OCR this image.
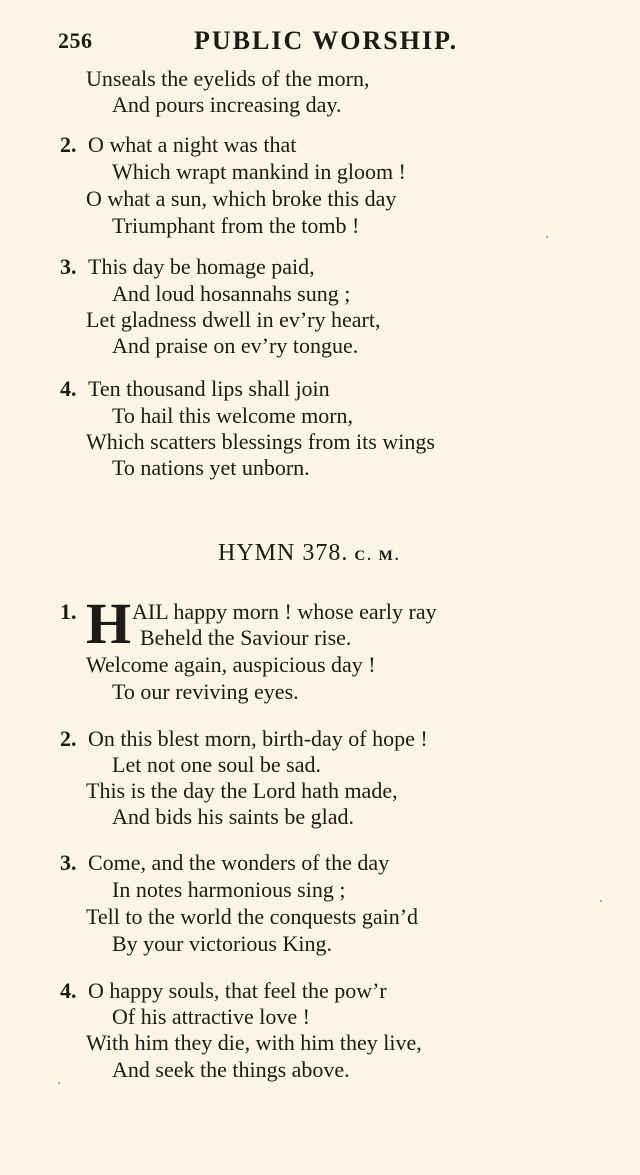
256	PUBLIC WORSHIP.
Unseals the eyelids of the morn,
And pours increasing day.
2. O what a night was that
Which wrapt mankind in gloom !
O what a sun, which broke this day
Triumphant from the tomb !
3. This day be homage paid,
And loud hosannahs sung ;
Let gladness dwell in ev’ry heart,
And praise on ev’ry tongue.
4. Ten thousand lips shall join
To hail this welcome morn,
Which scatters blessings from its wings
To nations yet unborn.
HYMN 378. C. M.
1. H AIL happy morn ! whose early ray
Beheld the Saviour rise.
Welcome again, auspicious day !
To our reviving eyes.
2. On this blest morn, birth-day of hope !
Let not one soul be sad.
This is the day the Lord hath made,
And bids his saints be glad.
3. Come, and the wonders of the day
In notes harmonious sing ;
Tell to the world the conquests gain’d
By your victorious King.
4. O happy souls, that feel the pow’r
Of his attractive love !
With him they die, with him they live,
And seek the things above.
